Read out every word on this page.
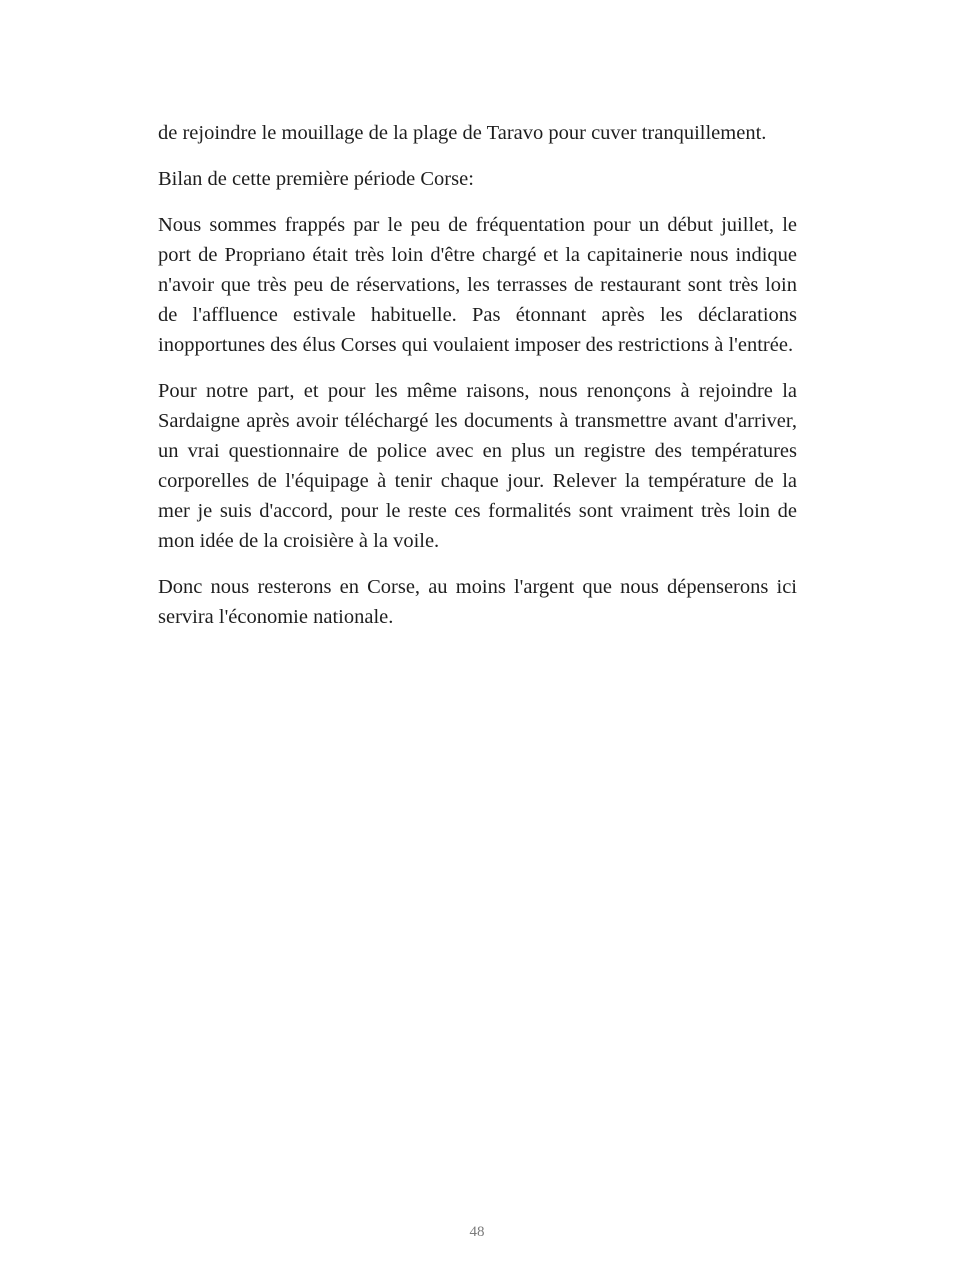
de rejoindre le mouillage de la plage de Taravo pour cuver tranquillement.

Bilan de cette première période Corse:

Nous sommes frappés par le peu de fréquentation pour un début juillet, le port de Propriano était très loin d'être chargé et la capitainerie nous indique n'avoir que très peu de réservations, les terrasses de restaurant sont très loin de l'affluence estivale habituelle. Pas étonnant après les déclarations inopportunes des élus Corses qui voulaient imposer des restrictions à l'entrée.

Pour notre part, et pour les même raisons, nous renonçons à rejoindre la Sardaigne après avoir téléchargé les documents à transmettre avant d'arriver, un vrai questionnaire de police avec en plus un registre des températures corporelles de l'équipage à tenir chaque jour. Relever la température de la mer je suis d'accord, pour le reste ces formalités sont vraiment très loin de mon idée de la croisière à la voile.

Donc nous resterons en Corse, au moins l'argent que nous dépenserons ici servira l'économie nationale.

48
